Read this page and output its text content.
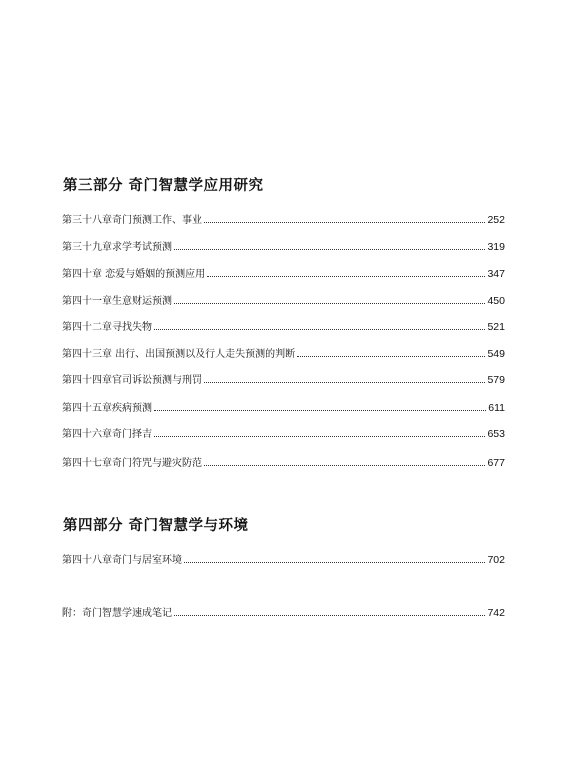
第三部分 奇门智慧学应用研究
第三十八章奇门预测工作、事业	252
第三十九章求学考试预测	319
第四十章 恋爱与婚姻的预测应用	347
第四十一章生意财运预测	450
第四十二章寻找失物	521
第四十三章 出行、出国预测以及行人走失预测的判断	549
第四十四章官司诉讼预测与刑罚	579
第四十五章疾病预测	611
第四十六章奇门择吉	653
第四十七章奇门符咒与避灾防范	677
第四部分 奇门智慧学与环境
第四十八章奇门与居室环境	702
附：奇门智慧学速成笔记	742
